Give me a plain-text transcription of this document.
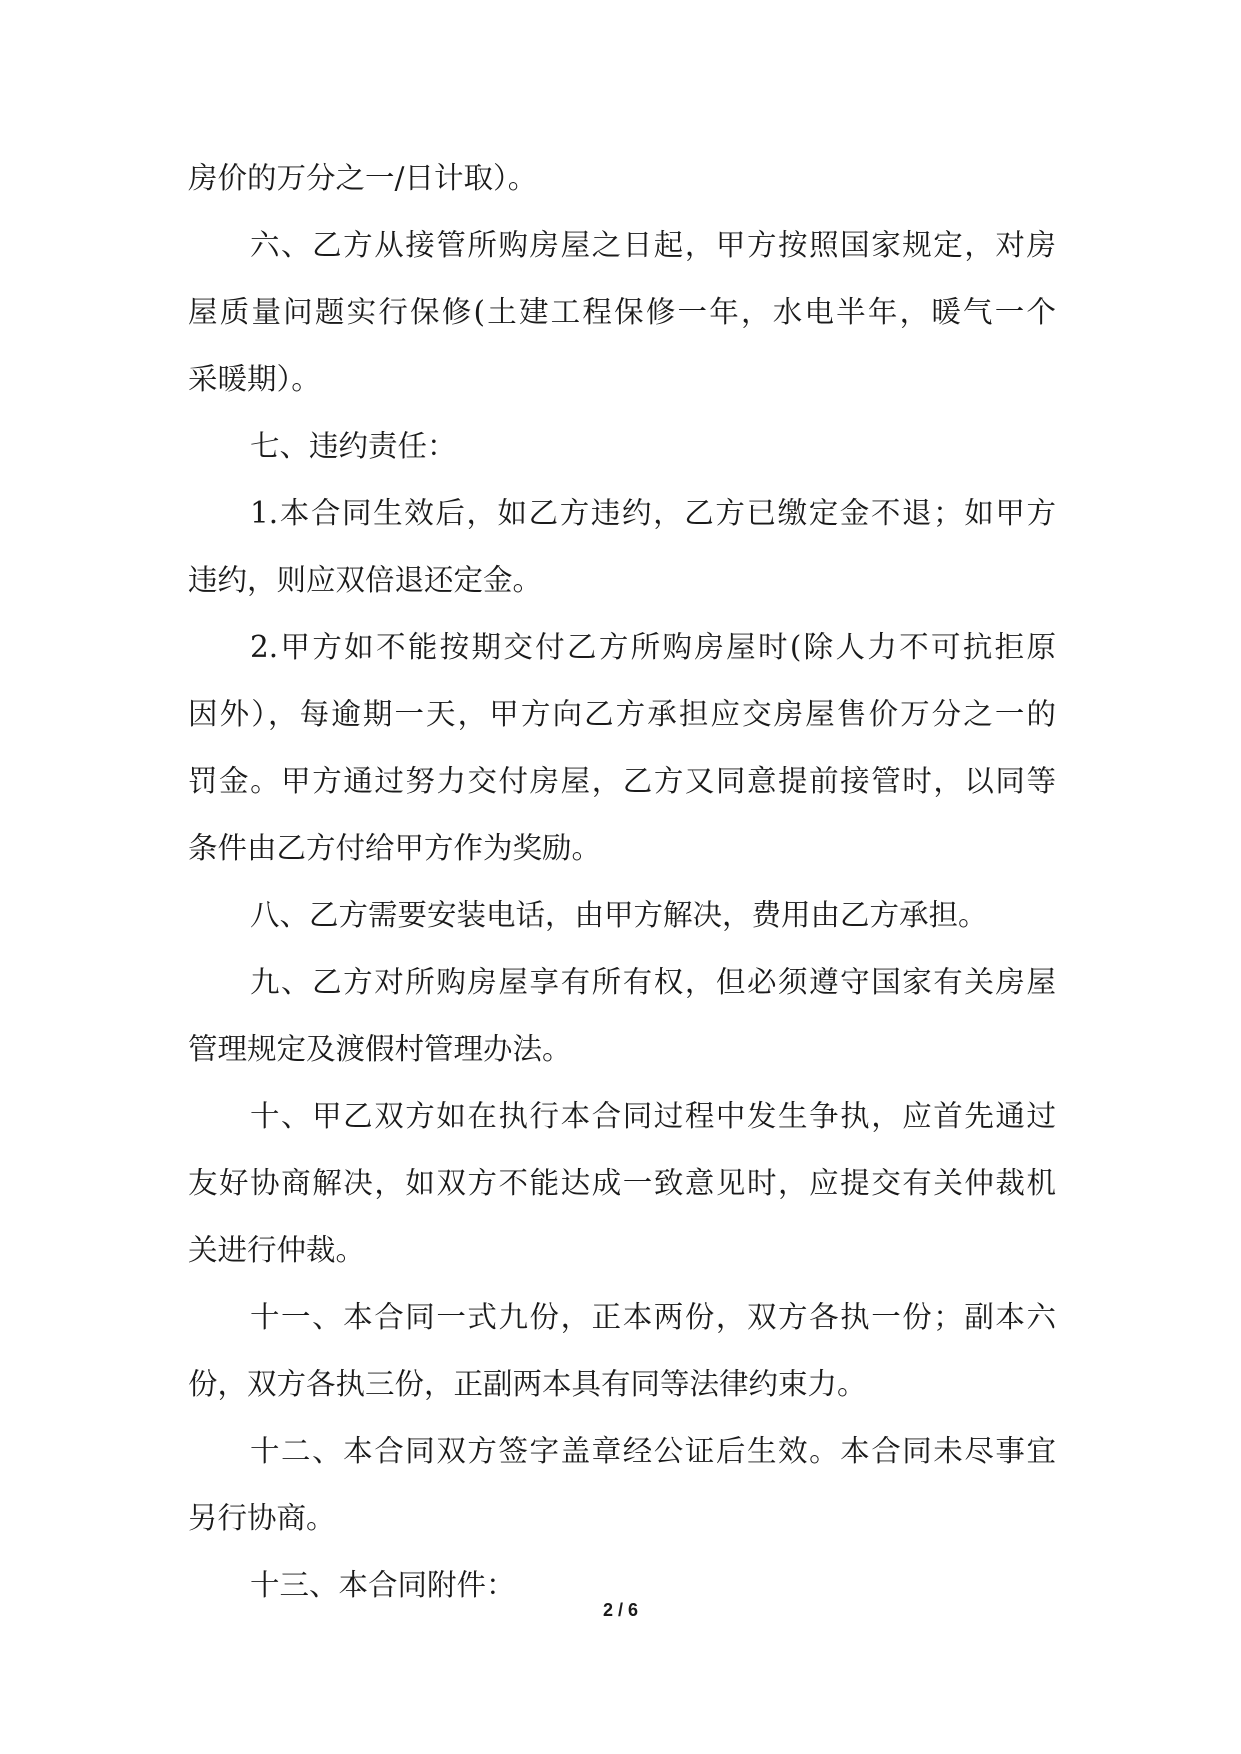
房价的万分之一/日计取）。
六、乙方从接管所购房屋之日起，甲方按照国家规定，对房
屋质量问题实行保修(土建工程保修一年，水电半年，暖气一个
采暖期）。
七、违约责任：
1.本合同生效后，如乙方违约，乙方已缴定金不退；如甲方
违约，则应双倍退还定金。
2.甲方如不能按期交付乙方所购房屋时(除人力不可抗拒原
因外），每逾期一天，甲方向乙方承担应交房屋售价万分之一的
罚金。甲方通过努力交付房屋，乙方又同意提前接管时，以同等
条件由乙方付给甲方作为奖励。
八、乙方需要安装电话，由甲方解决，费用由乙方承担。
九、乙方对所购房屋享有所有权，但必须遵守国家有关房屋
管理规定及渡假村管理办法。
十、甲乙双方如在执行本合同过程中发生争执，应首先通过
友好协商解决，如双方不能达成一致意见时，应提交有关仲裁机
关进行仲裁。
十一、本合同一式九份，正本两份，双方各执一份；副本六
份，双方各执三份，正副两本具有同等法律约束力。
十二、本合同双方签字盖章经公证后生效。本合同未尽事宜
另行协商。
十三、本合同附件：
2 / 6
